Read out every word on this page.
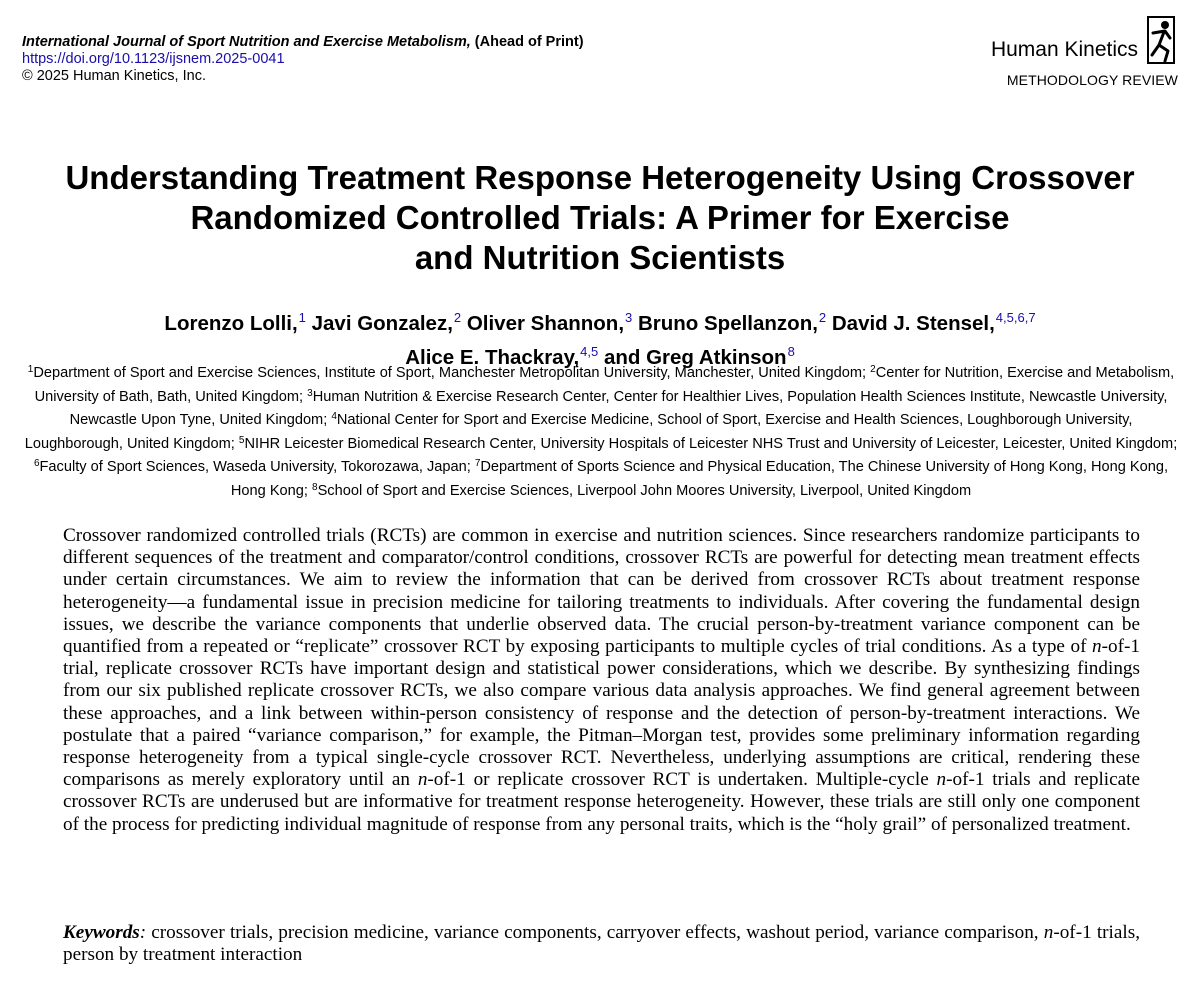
International Journal of Sport Nutrition and Exercise Metabolism, (Ahead of Print)
https://doi.org/10.1123/ijsnem.2025-0041
© 2025 Human Kinetics, Inc.
Human Kinetics
METHODOLOGY REVIEW
Understanding Treatment Response Heterogeneity Using Crossover
Randomized Controlled Trials: A Primer for Exercise
and Nutrition Scientists
Lorenzo Lolli,$^1$ Javi Gonzalez,$^2$ Oliver Shannon,$^3$ Bruno Spellanzon,$^2$ David J. Stensel,$^{4,5,6,7}$
Alice E. Thackray,$^{4,5}$ and Greg Atkinson$^8$
$^1$Department of Sport and Exercise Sciences, Institute of Sport, Manchester Metropolitan University, Manchester, United Kingdom; $^2$Center for Nutrition, Exercise and Metabolism, University of Bath, Bath, United Kingdom; $^3$Human Nutrition & Exercise Research Center, Center for Healthier Lives, Population Health Sciences Institute, Newcastle University, Newcastle Upon Tyne, United Kingdom; $^4$National Center for Sport and Exercise Medicine, School of Sport, Exercise and Health Sciences, Loughborough University, Loughborough, United Kingdom; $^5$NIHR Leicester Biomedical Research Center, University Hospitals of Leicester NHS Trust and University of Leicester, Leicester, United Kingdom; $^6$Faculty of Sport Sciences, Waseda University, Tokorozawa, Japan; $^7$Department of Sports Science and Physical Education, The Chinese University of Hong Kong, Hong Kong, Hong Kong; $^8$School of Sport and Exercise Sciences, Liverpool John Moores University, Liverpool, United Kingdom
Crossover randomized controlled trials (RCTs) are common in exercise and nutrition sciences. Since researchers randomize participants to different sequences of the treatment and comparator/control conditions, crossover RCTs are powerful for detecting mean treatment effects under certain circumstances. We aim to review the information that can be derived from crossover RCTs about treatment response heterogeneity—a fundamental issue in precision medicine for tailoring treatments to individuals. After covering the fundamental design issues, we describe the variance components that underlie observed data. The crucial person-by-treatment variance component can be quantified from a repeated or “replicate” crossover RCT by exposing participants to multiple cycles of trial conditions. As a type of n-of-1 trial, replicate crossover RCTs have important design and statistical power considerations, which we describe. By synthesizing findings from our six published replicate crossover RCTs, we also compare various data analysis approaches. We find general agreement between these approaches, and a link between within-person consistency of response and the detection of person-by-treatment interactions. We postulate that a paired “variance comparison,” for example, the Pitman–Morgan test, provides some preliminary information regarding response heterogeneity from a typical single-cycle crossover RCT. Nevertheless, underlying assumptions are critical, rendering these comparisons as merely exploratory until an n-of-1 or replicate crossover RCT is undertaken. Multiple-cycle n-of-1 trials and replicate crossover RCTs are underused but are informative for treatment response heterogeneity. However, these trials are still only one component of the process for predicting individual magnitude of response from any personal traits, which is the “holy grail” of personalized treatment.
Keywords: crossover trials, precision medicine, variance components, carryover effects, washout period, variance comparison, n-of-1 trials, person by treatment interaction
